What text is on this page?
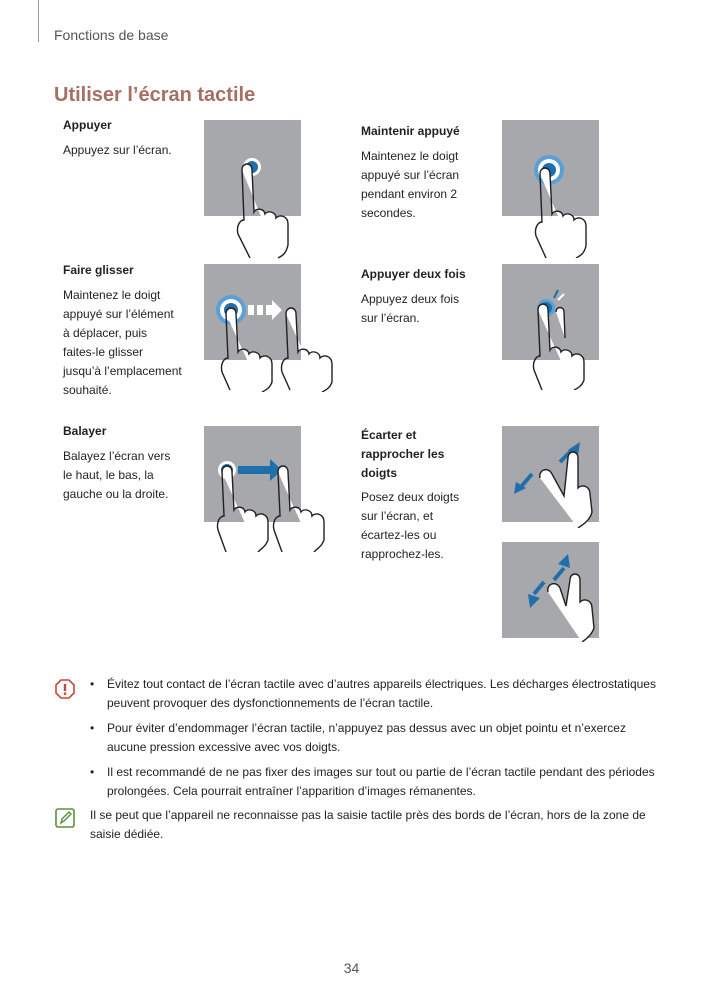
Fonctions de base
Utiliser l’écran tactile
Appuyer
Appuyez sur l’écran.
Faire glisser
Maintenez le doigt appuyé sur l’élément à déplacer, puis faites-le glisser jusqu’à l’emplacement souhaité.
Balayer
Balayez l’écran vers le haut, le bas, la gauche ou la droite.
Maintenir appuyé
Maintenez le doigt appuyé sur l’écran pendant environ 2 secondes.
Appuyer deux fois
Appuyez deux fois sur l’écran.
Écarter et rapprocher les doigts
Posez deux doigts sur l’écran, et écartez-les ou rapprochez-les.
• Évitez tout contact de l’écran tactile avec d’autres appareils électriques. Les décharges électrostatiques peuvent provoquer des dysfonctionnements de l’écran tactile.
• Pour éviter d’endommager l’écran tactile, n’appuyez pas dessus avec un objet pointu et n’exercez aucune pression excessive avec vos doigts.
• Il est recommandé de ne pas fixer des images sur tout ou partie de l’écran tactile pendant des périodes prolongées. Cela pourrait entraîner l’apparition d’images rémanentes.
Il se peut que l’appareil ne reconnaisse pas la saisie tactile près des bords de l’écran, hors de la zone de saisie dédiée.
34
